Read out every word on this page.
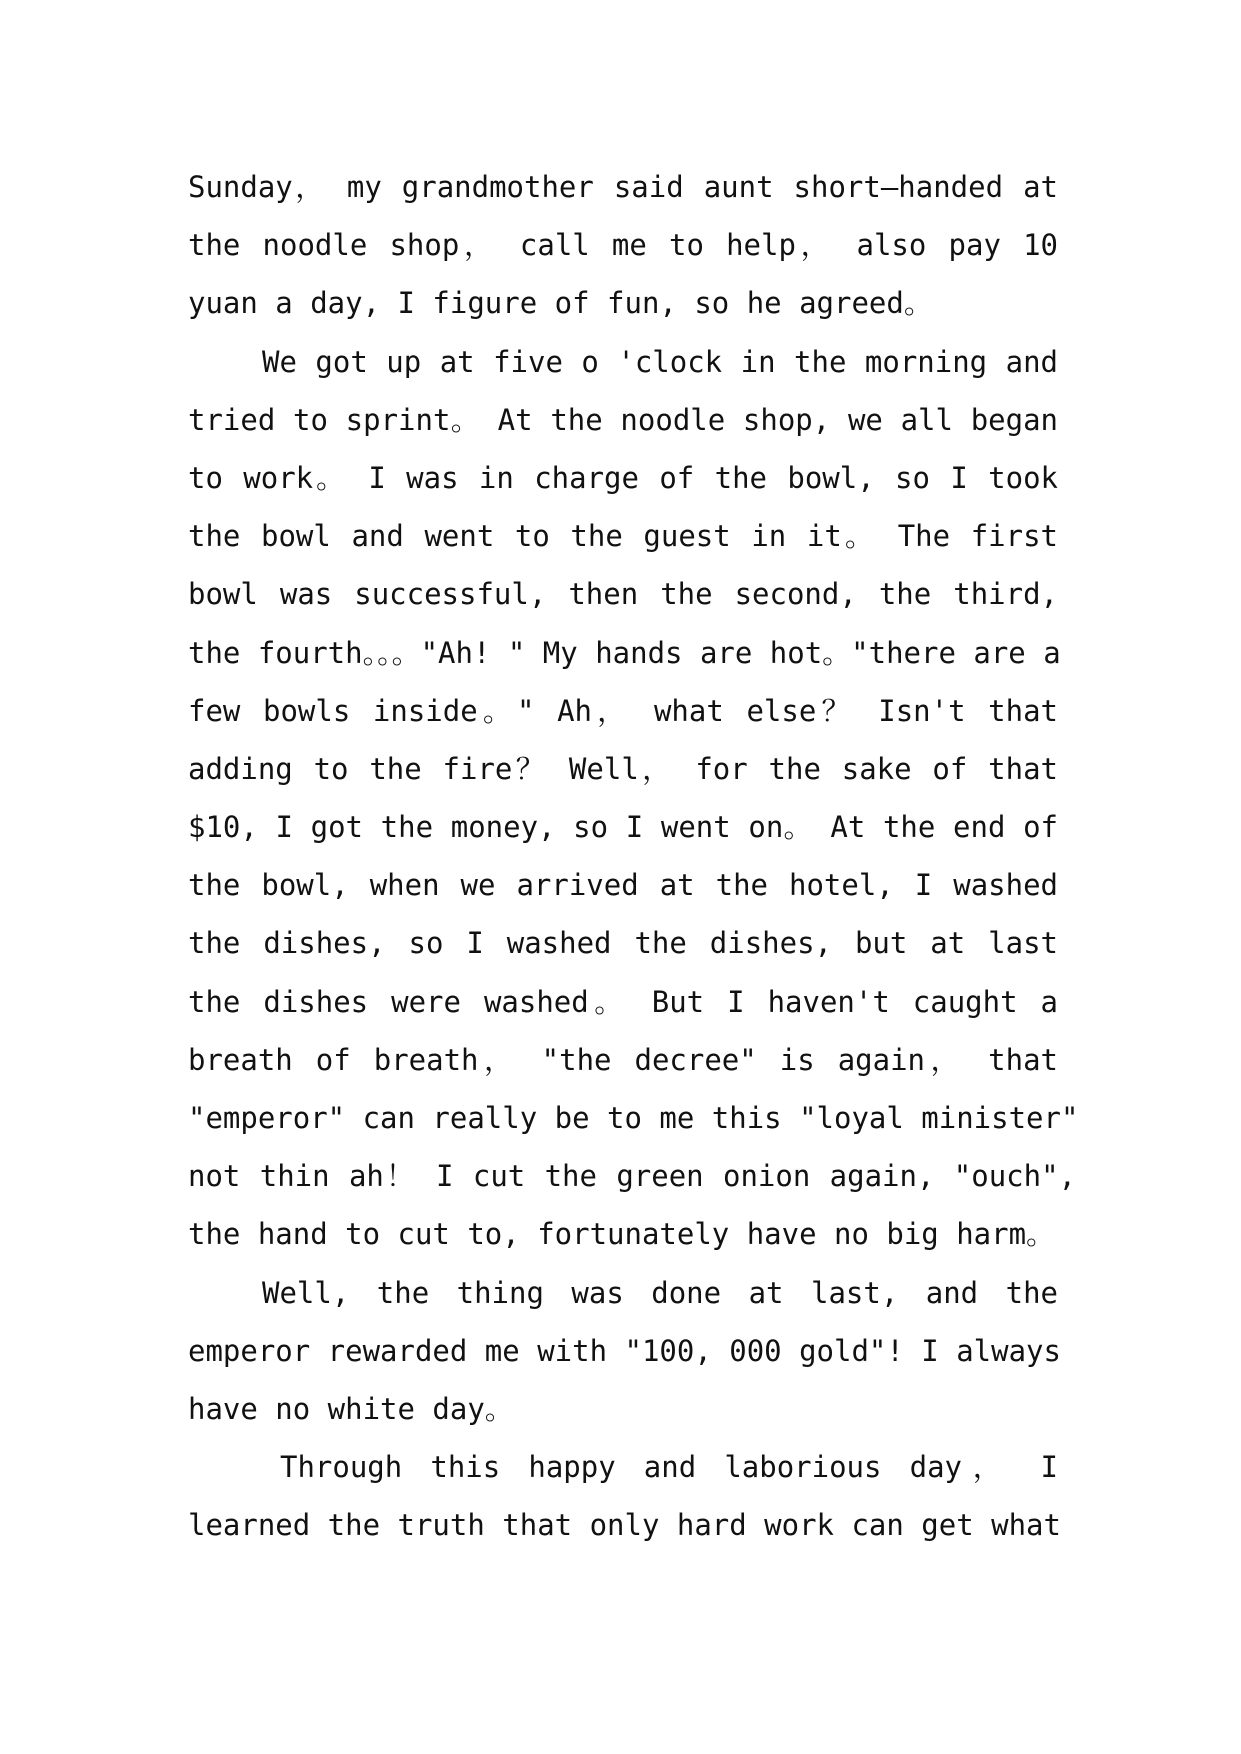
Sunday， my grandmother said aunt short—handed at
the noodle shop， call me to help， also pay 10
yuan a day, I figure of fun, so he agreed。
We got up at five o 'clock in the morning and
tried to sprint。 At the noodle shop, we all began
to work。 I was in charge of the bowl, so I took
the bowl and went to the guest in it。 The first
bowl was successful, then the second, the third,
the fourth。。。"Ah! " My hands are hot。"there are a
few bowls inside。" Ah， what else？ Isn't that
adding to the fire？ Well， for the sake of that
$10, I got the money, so I went on。 At the end of
the bowl, when we arrived at the hotel, I washed
the dishes, so I washed the dishes, but at last
the dishes were washed。 But I haven't caught a
breath of breath， "the decree" is again， that
"emperor" can really be to me this "loyal minister"
not thin ah！ I cut the green onion again, "ouch",
the hand to cut to, fortunately have no big harm。
Well, the thing was done at last, and the
emperor rewarded me with "100, 000 gold"! I always
have no white day。
Through this happy and laborious day， I
learned the truth that only hard work can get what
